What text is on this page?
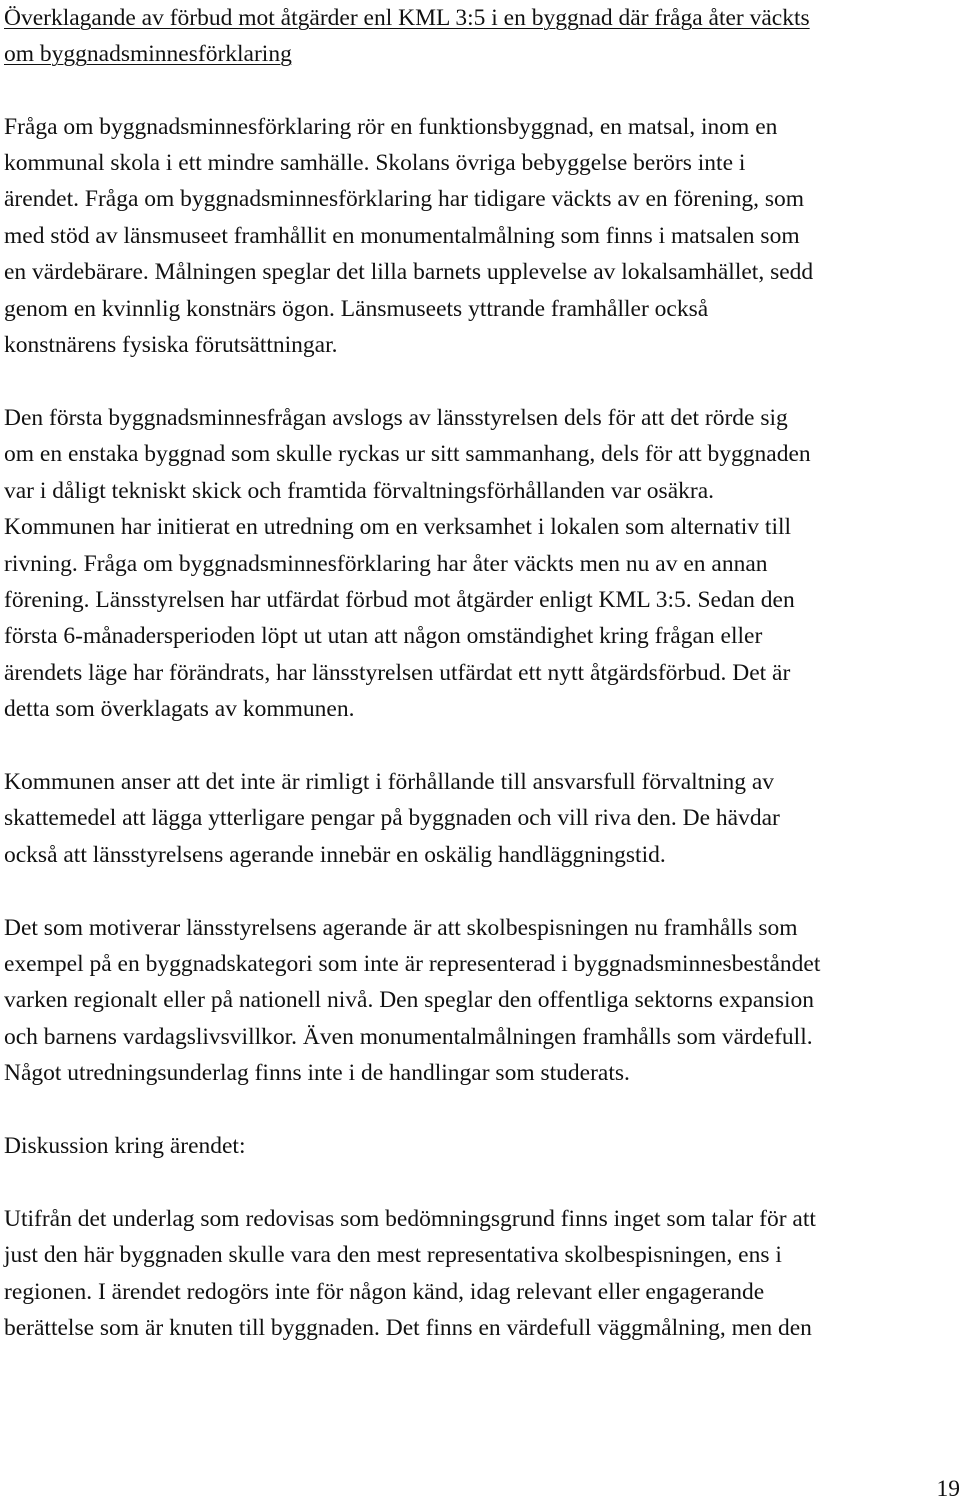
Överklagande av förbud mot åtgärder enl KML 3:5 i en byggnad där fråga åter väckts
om byggnadsminnesförklaring
Fråga om byggnadsminnesförklaring rör en funktionsbyggnad, en matsal, inom en
kommunal skola i ett mindre samhälle. Skolans övriga bebyggelse berörs inte i
ärendet. Fråga om byggnadsminnesförklaring har tidigare väckts av en förening, som
med stöd av länsmuseet framhållit en monumentalmålning som finns i matsalen som
en värdebärare. Målningen speglar det lilla barnets upplevelse av lokalsamhället, sedd
genom en kvinnlig konstnärs ögon. Länsmuseets yttrande framhåller också
konstnärens fysiska förutsättningar.
Den första byggnadsminnesfrågan avslogs av länsstyrelsen dels för att det rörde sig
om en enstaka byggnad som skulle ryckas ur sitt sammanhang, dels för att byggnaden
var i dåligt tekniskt skick och framtida förvaltningsförhållanden var osäkra.
Kommunen har initierat en utredning om en verksamhet i lokalen som alternativ till
rivning. Fråga om byggnadsminnesförklaring har åter väckts men nu av en annan
förening. Länsstyrelsen har utfärdat förbud mot åtgärder enligt KML 3:5. Sedan den
första 6-månadersperioden löpt ut utan att någon omständighet kring frågan eller
ärendets läge har förändrats, har länsstyrelsen utfärdat ett nytt åtgärdsförbud. Det är
detta som överklagats av kommunen.
Kommunen anser att det inte är rimligt i förhållande till ansvarsfull förvaltning av
skattemedel att lägga ytterligare pengar på byggnaden och vill riva den. De hävdar
också att länsstyrelsens agerande innebär en oskälig handläggningstid.
Det som motiverar länsstyrelsens agerande är att skolbespisningen nu framhålls som
exempel på en byggnadskategori som inte är representerad i byggnadsminnesbeståndet
varken regionalt eller på nationell nivå. Den speglar den offentliga sektorns expansion
och barnens vardagslivsvillkor. Även monumentalmålningen framhålls som värdefull.
Något utredningsunderlag finns inte i de handlingar som studerats.
Diskussion kring ärendet:
Utifrån det underlag som redovisas som bedömningsgrund finns inget som talar för att
just den här byggnaden skulle vara den mest representativa skolbespisningen, ens i
regionen. I ärendet redogörs inte för någon känd, idag relevant eller engagerande
berättelse som är knuten till byggnaden. Det finns en värdefull väggmålning, men den
19
